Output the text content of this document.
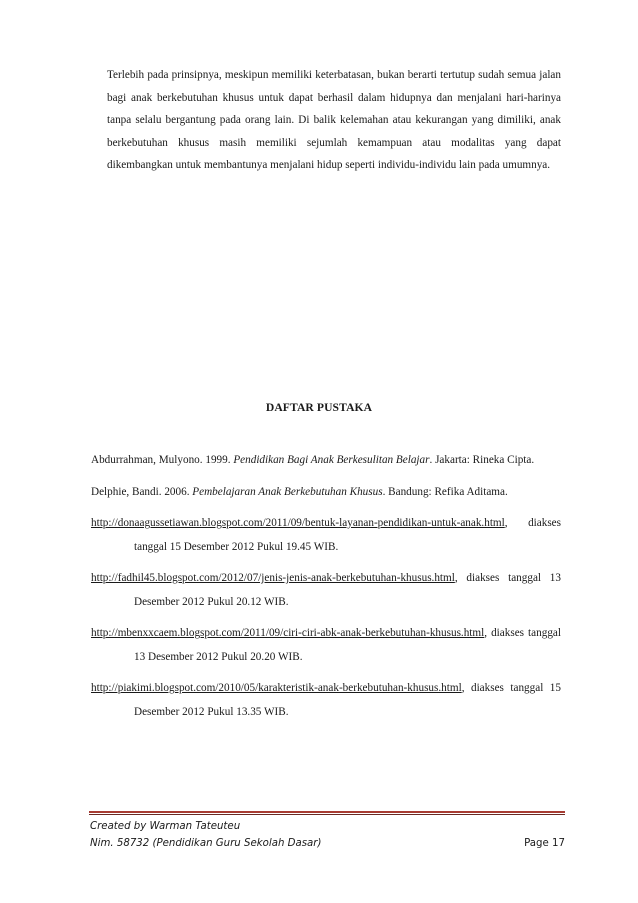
Terlebih pada prinsipnya, meskipun memiliki keterbatasan, bukan berarti tertutup sudah semua jalan bagi anak berkebutuhan khusus untuk dapat berhasil dalam hidupnya dan menjalani hari-harinya tanpa selalu bergantung pada orang lain. Di balik kelemahan atau kekurangan yang dimiliki, anak berkebutuhan khusus masih memiliki sejumlah kemampuan atau modalitas yang dapat dikembangkan untuk membantunya menjalani hidup seperti individu-individu lain pada umumnya.

DAFTAR PUSTAKA

Abdurrahman, Mulyono. 1999. Pendidikan Bagi Anak Berkesulitan Belajar. Jakarta: Rineka Cipta.

Delphie, Bandi. 2006. Pembelajaran Anak Berkebutuhan Khusus. Bandung: Refika Aditama.

http://donaagussetiawan.blogspot.com/2011/09/bentuk-layanan-pendidikan-untuk-anak.html, diakses tanggal 15 Desember 2012 Pukul 19.45 WIB.

http://fadhil45.blogspot.com/2012/07/jenis-jenis-anak-berkebutuhan-khusus.html, diakses tanggal 13 Desember 2012 Pukul 20.12 WIB.

http://mbenxxcaem.blogspot.com/2011/09/ciri-ciri-abk-anak-berkebutuhan-khusus.html, diakses tanggal 13 Desember 2012 Pukul 20.20 WIB.

http://piakimi.blogspot.com/2010/05/karakteristik-anak-berkebutuhan-khusus.html, diakses tanggal 15 Desember 2012 Pukul 13.35 WIB.

Created by Warman Tateuteu
Nim. 58732 (Pendidikan Guru Sekolah Dasar)	Page 17
